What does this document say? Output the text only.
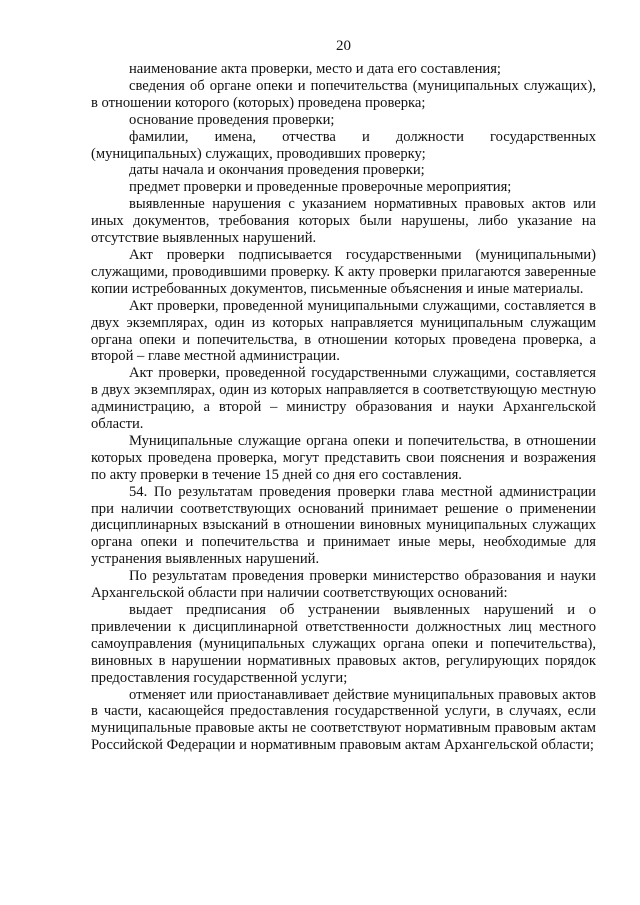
20

наименование акта проверки, место и дата его составления;

сведения об органе опеки и попечительства (муниципальных служащих), в отношении которого (которых) проведена проверка;

основание проведения проверки;

фамилии, имена, отчества и должности государственных (муниципальных) служащих, проводивших проверку;

даты начала и окончания проведения проверки;

предмет проверки и проведенные проверочные мероприятия;

выявленные нарушения с указанием нормативных правовых актов или иных документов, требования которых были нарушены, либо указание на отсутствие выявленных нарушений.

Акт проверки подписывается государственными (муниципальными) служащими, проводившими проверку. К акту проверки прилагаются заверенные копии истребованных документов, письменные объяснения и иные материалы.

Акт проверки, проведенной муниципальными служащими, составляется в двух экземплярах, один из которых направляется муниципальным служащим органа опеки и попечительства, в отношении которых проведена проверка, а второй – главе местной администрации.

Акт проверки, проведенной государственными служащими, составляется в двух экземплярах, один из которых направляется в соответствующую местную администрацию, а второй – министру образования и науки Архангельской области.

Муниципальные служащие органа опеки и попечительства, в отношении которых проведена проверка, могут представить свои пояснения и возражения по акту проверки в течение 15 дней со дня его составления.

54. По результатам проведения проверки глава местной администрации при наличии соответствующих оснований принимает решение о применении дисциплинарных взысканий в отношении виновных муниципальных служащих органа опеки и попечительства и принимает иные меры, необходимые для устранения выявленных нарушений.

По результатам проведения проверки министерство образования и науки Архангельской области при наличии соответствующих оснований:

выдает предписания об устранении выявленных нарушений и о привлечении к дисциплинарной ответственности должностных лиц местного самоуправления (муниципальных служащих органа опеки и попечительства), виновных в нарушении нормативных правовых актов, регулирующих порядок предоставления государственной услуги;

отменяет или приостанавливает действие муниципальных правовых актов в части, касающейся предоставления государственной услуги, в случаях, если муниципальные правовые акты не соответствуют нормативным правовым актам Российской Федерации и нормативным правовым актам Архангельской области;
